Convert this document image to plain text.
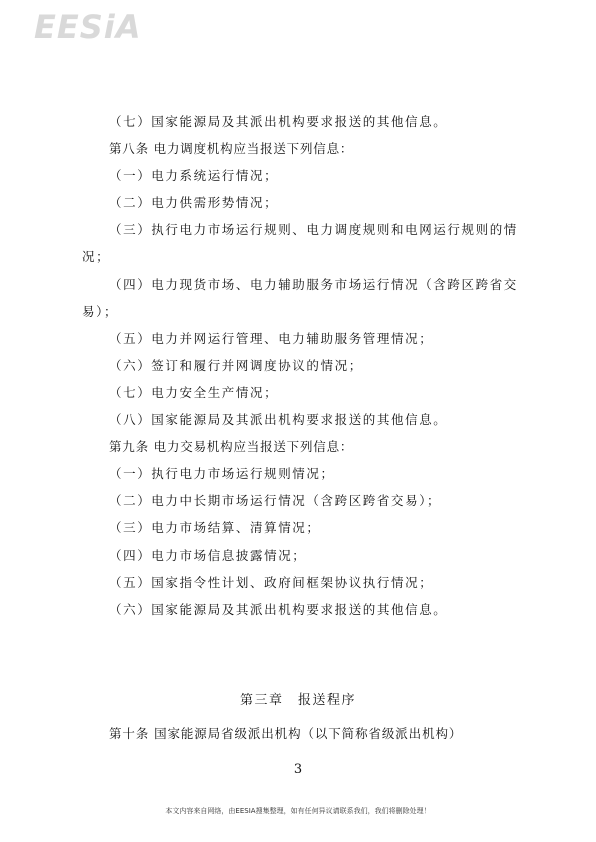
EESiA

（七）国家能源局及其派出机构要求报送的其他信息。

第八条 电力调度机构应当报送下列信息：

（一）电力系统运行情况；

（二）电力供需形势情况；

（三）执行电力市场运行规则、电力调度规则和电网运行规则的情况；

（四）电力现货市场、电力辅助服务市场运行情况（含跨区跨省交易）；

（五）电力并网运行管理、电力辅助服务管理情况；

（六）签订和履行并网调度协议的情况；

（七）电力安全生产情况；

（八）国家能源局及其派出机构要求报送的其他信息。

第九条 电力交易机构应当报送下列信息：

（一）执行电力市场运行规则情况；

（二）电力中长期市场运行情况（含跨区跨省交易）；

（三）电力市场结算、清算情况；

（四）电力市场信息披露情况；

（五）国家指令性计划、政府间框架协议执行情况；

（六）国家能源局及其派出机构要求报送的其他信息。

第三章　报送程序

第十条 国家能源局省级派出机构（以下简称省级派出机构）

3
本文内容来自网络，由EESIA搜集整理，如有任何异议请联系我们，我们将删除处理！
